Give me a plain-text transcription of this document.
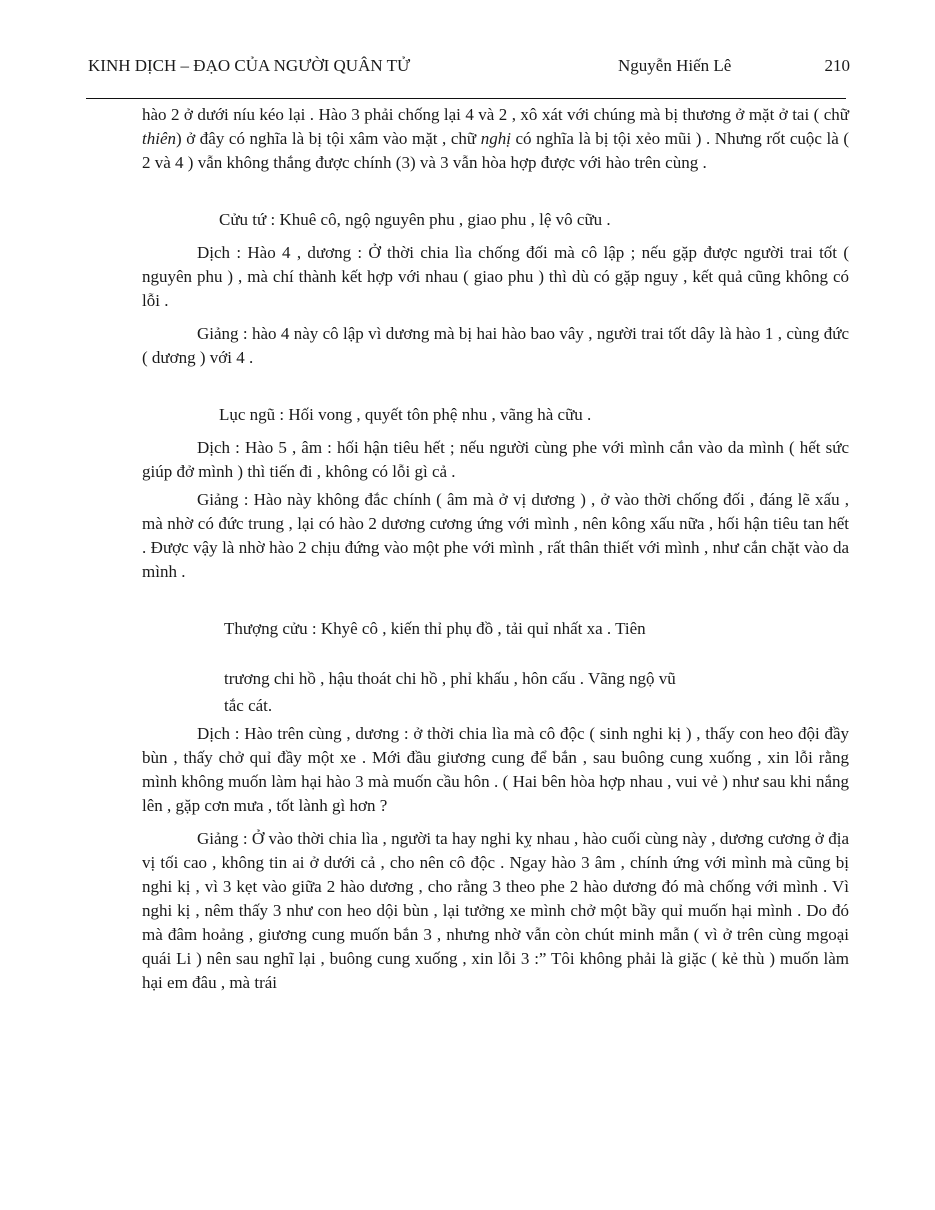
KINH DỊCH – ĐẠO CỦA NGƯỜI QUÂN TỬ	Nguyễn Hiến Lê	210

hào 2 ở dưới níu kéo lại . Hào 3 phải chống lại 4 và 2 , xô xát với chúng mà bị thương ở mặt ở tai ( chữ thiên) ở đây có nghĩa là bị tội xâm vào mặt , chữ nghị có nghĩa là bị tội xẻo mũi ) . Nhưng rốt cuộc là ( 2 và 4 ) vẫn không thắng được chính (3) và 3 vẫn hòa hợp được với hào trên cùng .

Cửu tứ : Khuê cô, ngộ nguyên phu , giao phu , lệ vô cữu .

Dịch : Hào 4 , dương : Ở thời chia lìa chống đối mà cô lập ; nếu gặp được người trai tốt ( nguyên phu ) , mà chí thành kết hợp với nhau ( giao phu ) thì dù có gặp nguy , kết quả cũng không có lỗi .

Giảng : hào 4 này cô lập vì dương mà bị hai hào bao vây , người trai tốt dây là hào 1 , cùng đức ( dương ) với 4 .

Lục ngũ : Hối vong , quyết tôn phệ nhu , vãng hà cữu .

Dịch : Hào 5 , âm : hối hận tiêu hết ; nếu người cùng phe với mình cắn vào da mình ( hết sức giúp đở mình ) thì tiến đi , không có lỗi gì cả .

Giảng : Hào này không đắc chính ( âm mà ở vị dương ) , ở vào thời chống đối , đáng lẽ xấu , mà nhờ có đức trung , lại có hào 2 dương cương ứng với mình , nên kông xấu nữa , hối hận tiêu tan hết . Được vậy là nhờ hào 2 chịu đứng vào một phe với mình , rất thân thiết với mình , như cắn chặt vào da mình .

Thượng cửu : Khyê cô , kiến thỉ phụ đồ , tải quỉ nhất xa . Tiên

trương chi hồ , hậu thoát chi hồ , phỉ khấu , hôn cấu . Vãng ngộ vũ

tắc cát.

Dịch : Hào trên cùng , dương : ở thời chia lìa mà cô độc ( sinh nghi kị ) , thấy con heo đội đầy bùn , thấy chở quỉ đầy một xe . Mới đầu giương cung để bắn , sau buông cung xuống , xin lỗi rằng mình không muốn làm hại hào 3 mà muốn cầu hôn . ( Hai bên hòa hợp nhau , vui vẻ ) như sau khi nắng lên , gặp cơn mưa , tốt lành gì hơn ?

Giảng : Ở vào thời chia lìa , người ta hay nghi kỵ nhau , hào cuối cùng này , dương cương ở địa vị tối cao , không tin ai ở dưới cả , cho nên cô độc . Ngay hào 3 âm , chính ứng với mình mà cũng bị nghi kị , vì 3 kẹt vào giữa 2 hào dương , cho rằng 3 theo phe 2 hào dương đó mà chống với mình . Vì nghi kị , nêm thấy 3 như con heo dội bùn , lại tưởng xe mình chở một bầy quỉ muốn hại mình . Do đó mà đâm hoảng , giương cung muốn bắn 3 , nhưng nhờ vẫn còn chút minh mẫn ( vì ở trên cùng mgoại quái Li ) nên sau nghĩ lại , buông cung xuống , xin lỗi 3 :” Tôi không phải là giặc ( kẻ thù ) muốn làm hại em đâu , mà trái
